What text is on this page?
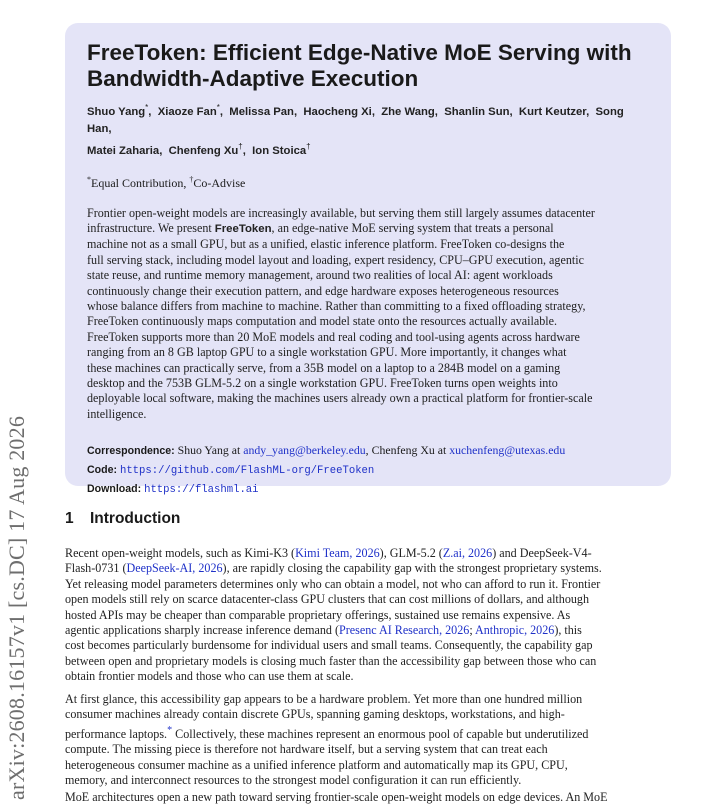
arXiv:2608.16157v1 [cs.DC] 17 Aug 2026
FreeToken: Efficient Edge-Native MoE Serving with
Bandwidth-Adaptive Execution
Shuo Yang*,  Xiaoze Fan*,  Melissa Pan,  Haocheng Xi,  Zhe Wang,  Shanlin Sun,  Kurt Keutzer,  Song Han,
Matei Zaharia,  Chenfeng Xu†,  Ion Stoica†
*Equal Contribution, †Co-Advise
Frontier open-weight models are increasingly available, but serving them still largely assumes datacenter
infrastructure. We present FreeToken, an edge-native MoE serving system that treats a personal
machine not as a small GPU, but as a unified, elastic inference platform. FreeToken co-designs the
full serving stack, including model layout and loading, expert residency, CPU–GPU execution, agentic
state reuse, and runtime memory management, around two realities of local AI: agent workloads
continuously change their execution pattern, and edge hardware exposes heterogeneous resources
whose balance differs from machine to machine. Rather than committing to a fixed offloading strategy,
FreeToken continuously maps computation and model state onto the resources actually available.
FreeToken supports more than 20 MoE models and real coding and tool-using agents across hardware
ranging from an 8 GB laptop GPU to a single workstation GPU. More importantly, it changes what
these machines can practically serve, from a 35B model on a laptop to a 284B model on a gaming
desktop and the 753B GLM-5.2 on a single workstation GPU. FreeToken turns open weights into
deployable local software, making the machines users already own a practical platform for frontier-scale
intelligence.
Correspondence: Shuo Yang at andy_yang@berkeley.edu, Chenfeng Xu at xuchenfeng@utexas.edu
Code: https://github.com/FlashML-org/FreeToken
Download: https://flashml.ai
1 Introduction
Recent open-weight models, such as Kimi-K3 (Kimi Team, 2026), GLM-5.2 (Z.ai, 2026) and DeepSeek-V4-
Flash-0731 (DeepSeek-AI, 2026), are rapidly closing the capability gap with the strongest proprietary systems.
Yet releasing model parameters determines only who can obtain a model, not who can afford to run it. Frontier
open models still rely on scarce datacenter-class GPU clusters that can cost millions of dollars, and although
hosted APIs may be cheaper than comparable proprietary offerings, sustained use remains expensive. As
agentic applications sharply increase inference demand (Presenc AI Research, 2026; Anthropic, 2026), this
cost becomes particularly burdensome for individual users and small teams. Consequently, the capability gap
between open and proprietary models is closing much faster than the accessibility gap between those who can
obtain frontier models and those who can use them at scale.
At first glance, this accessibility gap appears to be a hardware problem. Yet more than one hundred million
consumer machines already contain discrete GPUs, spanning gaming desktops, workstations, and high-
performance laptops.* Collectively, these machines represent an enormous pool of capable but underutilized
compute. The missing piece is therefore not hardware itself, but a serving system that can treat each
heterogeneous consumer machine as a unified inference platform and automatically map its GPU, CPU,
memory, and interconnect resources to the strongest model configuration it can run efficiently.
MoE architectures open a new path toward serving frontier-scale open-weight models on edge devices. An MoE
